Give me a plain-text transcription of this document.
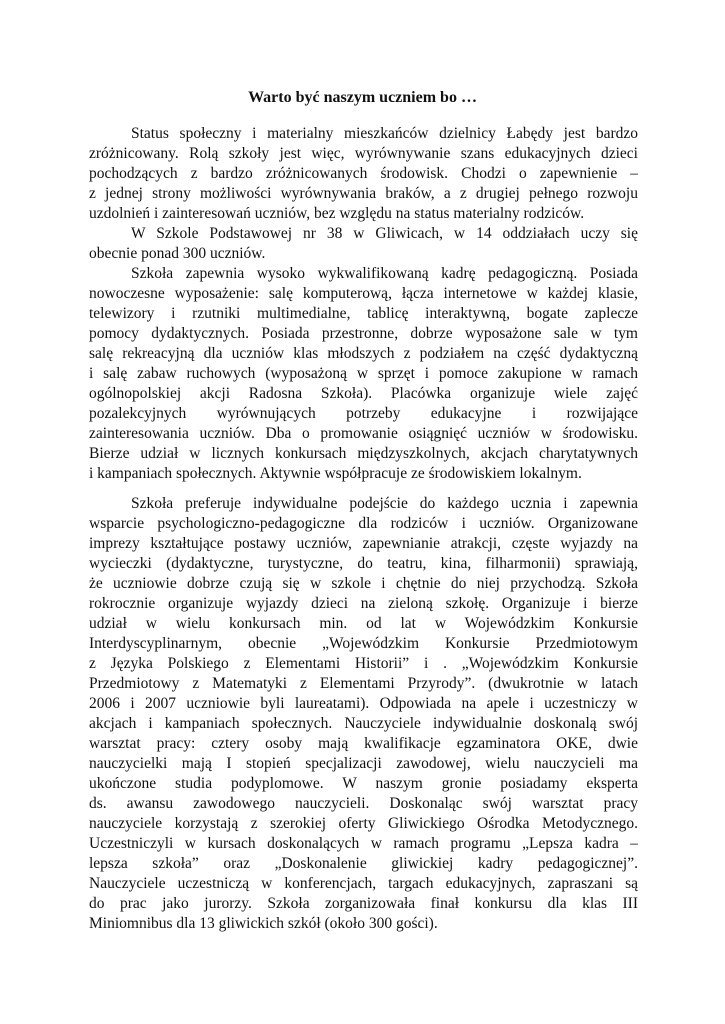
Warto być naszym uczniem bo …
Status społeczny i materialny mieszkańców dzielnicy Łabędy jest bardzo
zróżnicowany. Rolą szkoły jest więc, wyrównywanie szans edukacyjnych dzieci
pochodzących z bardzo zróżnicowanych środowisk. Chodzi o zapewnienie –
z jednej strony możliwości wyrównywania braków, a z drugiej pełnego rozwoju
uzdolnień i zainteresowań uczniów, bez względu na status materialny rodziców.
W Szkole Podstawowej nr 38 w Gliwicach, w 14 oddziałach uczy się
obecnie ponad 300 uczniów.
Szkoła zapewnia wysoko wykwalifikowaną kadrę pedagogiczną. Posiada
nowoczesne wyposażenie: salę komputerową, łącza internetowe w każdej klasie,
telewizory i rzutniki multimedialne, tablicę interaktywną, bogate zaplecze
pomocy dydaktycznych. Posiada przestronne, dobrze wyposażone sale w tym
salę rekreacyjną dla uczniów klas młodszych z podziałem na część dydaktyczną
i salę zabaw ruchowych (wyposażoną w sprzęt i pomoce zakupione w ramach
ogólnopolskiej akcji Radosna Szkoła). Placówka organizuje wiele zajęć
pozalekcyjnych wyrównujących potrzeby edukacyjne i rozwijające
zainteresowania uczniów. Dba o promowanie osiągnięć uczniów w środowisku.
Bierze udział w licznych konkursach międzyszkolnych, akcjach charytatywnych
i kampaniach społecznych. Aktywnie współpracuje ze środowiskiem lokalnym.
Szkoła preferuje indywidualne podejście do każdego ucznia i zapewnia
wsparcie psychologiczno-pedagogiczne dla rodziców i uczniów. Organizowane
imprezy kształtujące postawy uczniów, zapewnianie atrakcji, częste wyjazdy na
wycieczki (dydaktyczne, turystyczne, do teatru, kina, filharmonii) sprawiają,
że uczniowie dobrze czują się w szkole i chętnie do niej przychodzą. Szkoła
rokrocznie organizuje wyjazdy dzieci na zieloną szkołę. Organizuje i bierze
udział w wielu konkursach min. od lat w Wojewódzkim Konkursie
Interdyscyplinarnym, obecnie „Wojewódzkim Konkursie Przedmiotowym
z Języka Polskiego z Elementami Historii” i . „Wojewódzkim Konkursie
Przedmiotowy z Matematyki z Elementami Przyrody”. (dwukrotnie w latach
2006 i 2007 uczniowie byli laureatami). Odpowiada na apele i uczestniczy w
akcjach i kampaniach społecznych. Nauczyciele indywidualnie doskonalą swój
warsztat pracy: cztery osoby mają kwalifikacje egzaminatora OKE, dwie
nauczycielki mają I stopień specjalizacji zawodowej, wielu nauczycieli ma
ukończone studia podyplomowe. W naszym gronie posiadamy eksperta
ds. awansu zawodowego nauczycieli. Doskonaląc swój warsztat pracy
nauczyciele korzystają z szerokiej oferty Gliwickiego Ośrodka Metodycznego.
Uczestniczyli w kursach doskonalących w ramach programu „Lepsza kadra –
lepsza szkoła” oraz „Doskonalenie gliwickiej kadry pedagogicznej”.
Nauczyciele uczestniczą w konferencjach, targach edukacyjnych, zapraszani są
do prac jako jurorzy. Szkoła zorganizowała finał konkursu dla klas III
Miniomnibus dla 13 gliwickich szkół (około 300 gości).
